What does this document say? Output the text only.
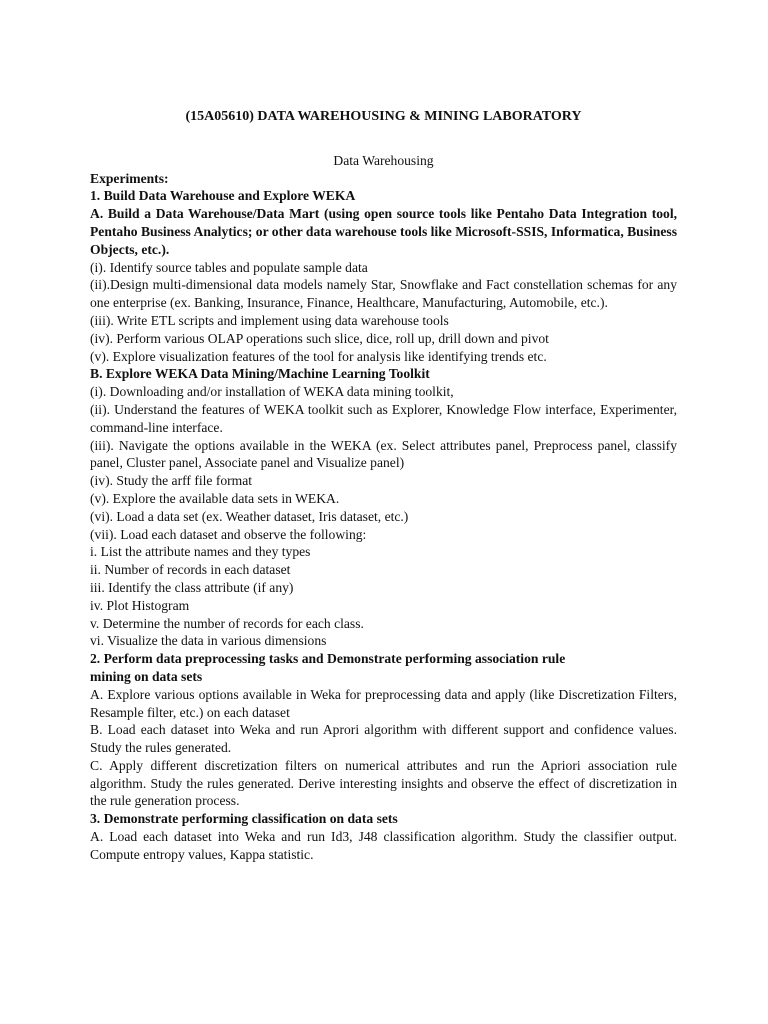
(15A05610) DATA WAREHOUSING & MINING LABORATORY
Data Warehousing

Experiments:

1. Build Data Warehouse and Explore WEKA

A. Build a Data Warehouse/Data Mart (using open source tools like Pentaho Data Integration tool, Pentaho Business Analytics; or other data warehouse tools like Microsoft-SSIS, Informatica, Business Objects, etc.).

(i). Identify source tables and populate sample data

(ii).Design multi-dimensional data models namely Star, Snowflake and Fact constellation schemas for any one enterprise (ex. Banking, Insurance, Finance, Healthcare, Manufacturing, Automobile, etc.).

(iii). Write ETL scripts and implement using data warehouse tools

(iv). Perform various OLAP operations such slice, dice, roll up, drill down and pivot

(v). Explore visualization features of the tool for analysis like identifying trends etc.

B. Explore WEKA Data Mining/Machine Learning Toolkit

(i). Downloading and/or installation of WEKA data mining toolkit,

(ii). Understand the features of WEKA toolkit such as Explorer, Knowledge Flow interface, Experimenter, command-line interface.

(iii). Navigate the options available in the WEKA (ex. Select attributes panel, Preprocess panel, classify panel, Cluster panel, Associate panel and Visualize panel)

(iv). Study the arff file format

(v). Explore the available data sets in WEKA.

(vi). Load a data set (ex. Weather dataset, Iris dataset, etc.)

(vii). Load each dataset and observe the following:

i. List the attribute names and they types

ii. Number of records in each dataset

iii. Identify the class attribute (if any)

iv. Plot Histogram

v. Determine the number of records for each class.

vi. Visualize the data in various dimensions

2. Perform data preprocessing tasks and Demonstrate performing association rule

mining on data sets

A. Explore various options available in Weka for preprocessing data and apply (like Discretization Filters, Resample filter, etc.) on each dataset

B. Load each dataset into Weka and run Aprori algorithm with different support and confidence values. Study the rules generated.

C. Apply different discretization filters on numerical attributes and run the Apriori association rule algorithm. Study the rules generated. Derive interesting insights and observe the effect of discretization in the rule generation process.

3. Demonstrate performing classification on data sets

A. Load each dataset into Weka and run Id3, J48 classification algorithm. Study the classifier output. Compute entropy values, Kappa statistic.
